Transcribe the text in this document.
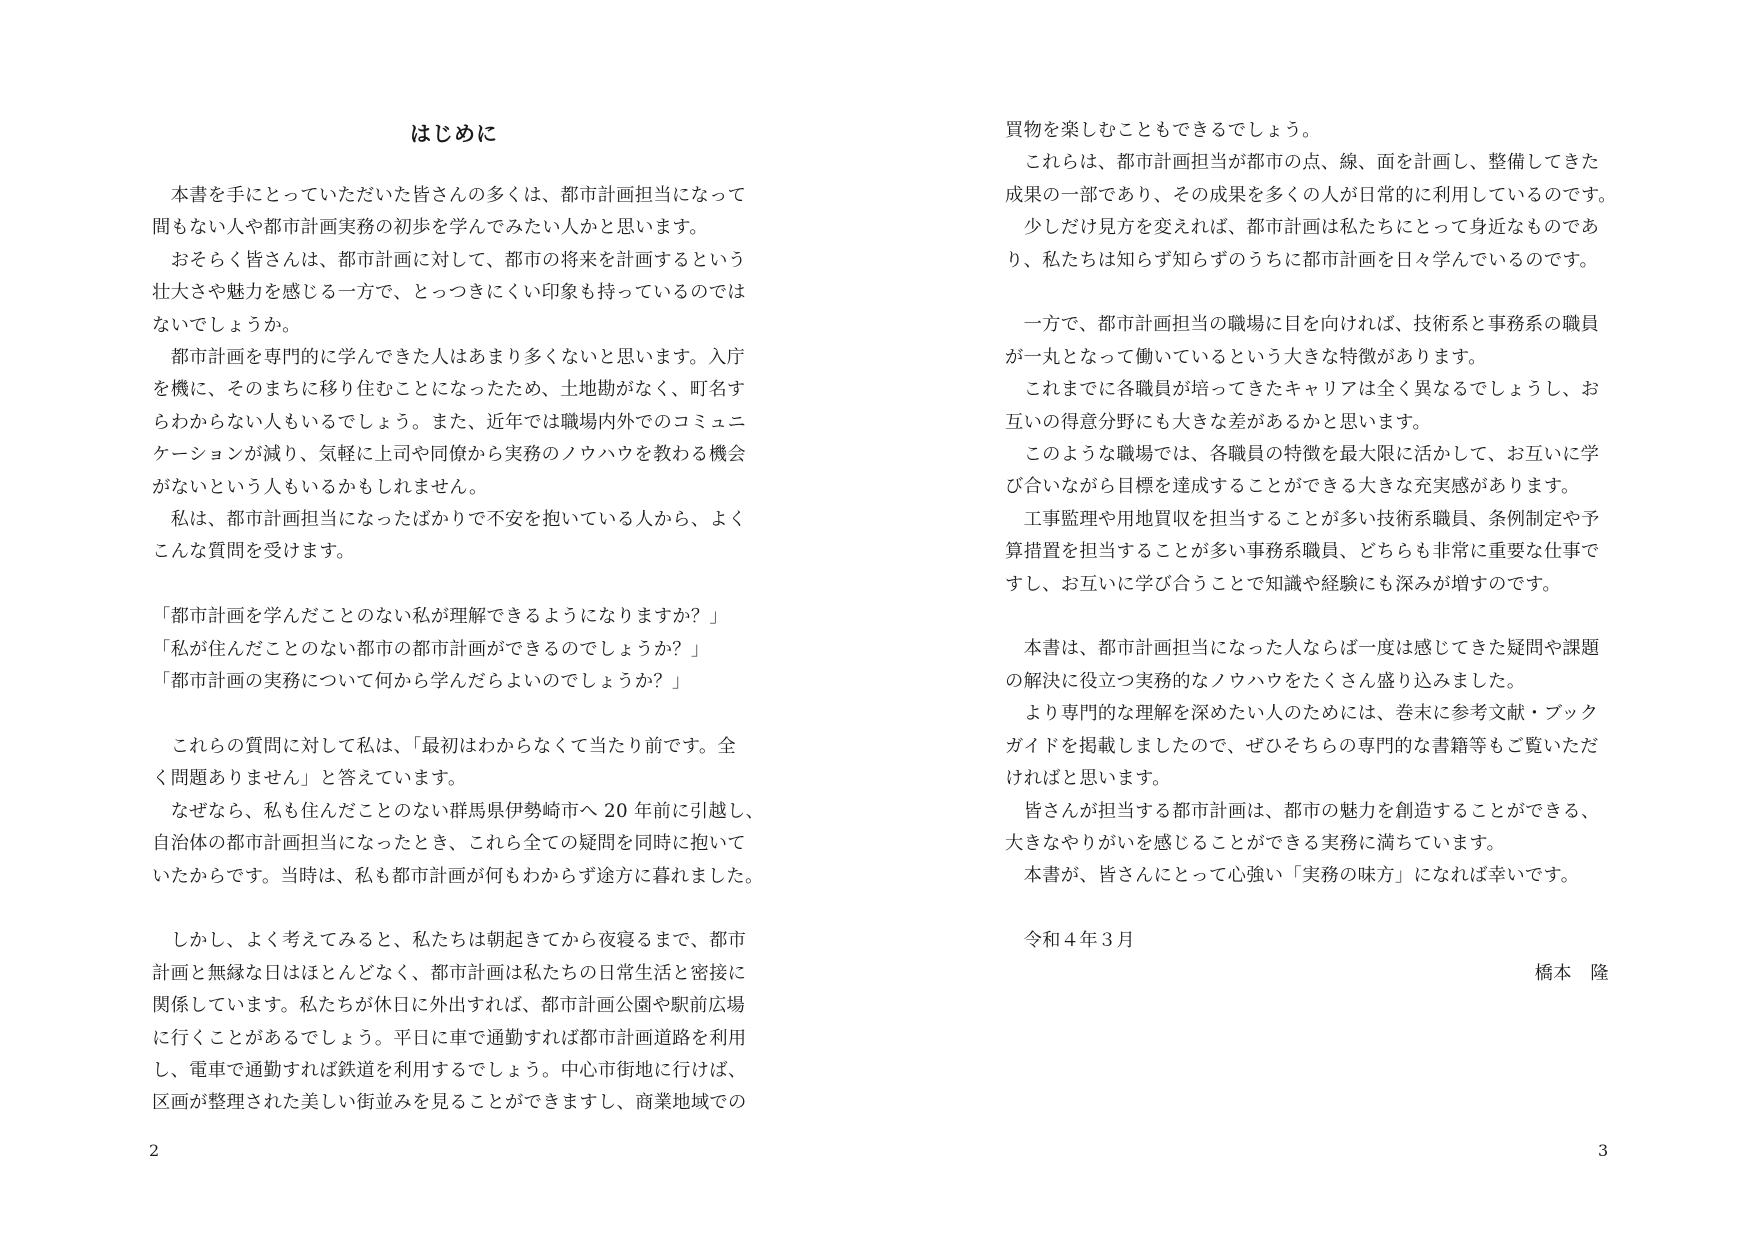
はじめに

　本書を手にとっていただいた皆さんの多くは、都市計画担当になって

間もない人や都市計画実務の初歩を学んでみたい人かと思います。

　おそらく皆さんは、都市計画に対して、都市の将来を計画するという

壮大さや魅力を感じる一方で、とっつきにくい印象も持っているのでは

ないでしょうか。

　都市計画を専門的に学んできた人はあまり多くないと思います。入庁

を機に、そのまちに移り住むことになったため、土地勘がなく、町名す

らわからない人もいるでしょう。また、近年では職場内外でのコミュニ

ケーションが減り、気軽に上司や同僚から実務のノウハウを教わる機会

がないという人もいるかもしれません。

　私は、都市計画担当になったばかりで不安を抱いている人から、よく

こんな質問を受けます。

「都市計画を学んだことのない私が理解できるようになりますか？」

「私が住んだことのない都市の都市計画ができるのでしょうか？」

「都市計画の実務について何から学んだらよいのでしょうか？」

　これらの質問に対して私は、「最初はわからなくて当たり前です。全

く問題ありません」と答えています。

　なぜなら、私も住んだことのない群馬県伊勢崎市へ 20 年前に引越し、

自治体の都市計画担当になったとき、これら全ての疑問を同時に抱いて

いたからです。当時は、私も都市計画が何もわからず途方に暮れました。

　しかし、よく考えてみると、私たちは朝起きてから夜寝るまで、都市

計画と無縁な日はほとんどなく、都市計画は私たちの日常生活と密接に

関係しています。私たちが休日に外出すれば、都市計画公園や駅前広場

に行くことがあるでしょう。平日に車で通勤すれば都市計画道路を利用

し、電車で通勤すれば鉄道を利用するでしょう。中心市街地に行けば、

区画が整理された美しい街並みを見ることができますし、商業地域での

買物を楽しむこともできるでしょう。

　これらは、都市計画担当が都市の点、線、面を計画し、整備してきた

成果の一部であり、その成果を多くの人が日常的に利用しているのです。

　少しだけ見方を変えれば、都市計画は私たちにとって身近なものであ

り、私たちは知らず知らずのうちに都市計画を日々学んでいるのです。

　一方で、都市計画担当の職場に目を向ければ、技術系と事務系の職員

が一丸となって働いているという大きな特徴があります。

　これまでに各職員が培ってきたキャリアは全く異なるでしょうし、お

互いの得意分野にも大きな差があるかと思います。

　このような職場では、各職員の特徴を最大限に活かして、お互いに学

び合いながら目標を達成することができる大きな充実感があります。

　工事監理や用地買収を担当することが多い技術系職員、条例制定や予

算措置を担当することが多い事務系職員、どちらも非常に重要な仕事で

すし、お互いに学び合うことで知識や経験にも深みが増すのです。

　本書は、都市計画担当になった人ならば一度は感じてきた疑問や課題

の解決に役立つ実務的なノウハウをたくさん盛り込みました。

　より専門的な理解を深めたい人のためには、巻末に参考文献・ブック

ガイドを掲載しましたので、ぜひそちらの専門的な書籍等もご覧いただ

ければと思います。

　皆さんが担当する都市計画は、都市の魅力を創造することができる、

大きなやりがいを感じることができる実務に満ちています。

　本書が、皆さんにとって心強い「実務の味方」になれば幸いです。

　令和４年３月

橋本　隆

2	3
